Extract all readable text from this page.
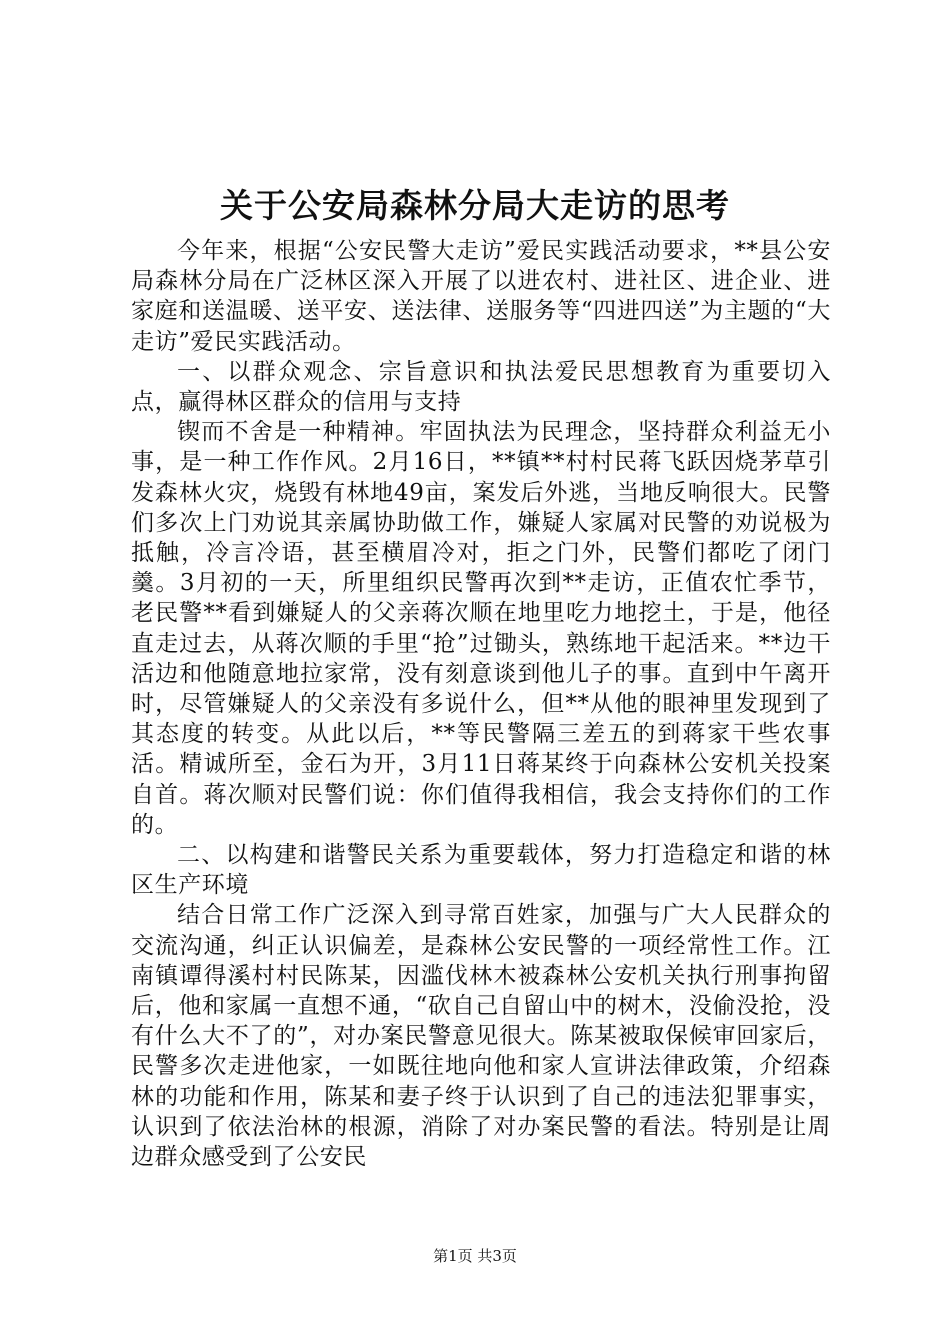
关于公安局森林分局大走访的思考

今年来，根据“公安民警大走访”爱民实践活动要求，**县公安局森林分局在广泛林区深入开展了以进农村、进社区、进企业、进家庭和送温暖、送平安、送法律、送服务等“四进四送”为主题的“大走访”爱民实践活动。

一、以群众观念、宗旨意识和执法爱民思想教育为重要切入点，赢得林区群众的信用与支持

锲而不舍是一种精神。牢固执法为民理念，坚持群众利益无小事，是一种工作作风。2月16日，**镇**村村民蒋飞跃因烧茅草引发森林火灾，烧毁有林地49亩，案发后外逃，当地反响很大。民警们多次上门劝说其亲属协助做工作，嫌疑人家属对民警的劝说极为抵触，冷言冷语，甚至横眉冷对，拒之门外，民警们都吃了闭门羹。3月初的一天，所里组织民警再次到**走访，正值农忙季节，老民警**看到嫌疑人的父亲蒋次顺在地里吃力地挖土，于是，他径直走过去，从蒋次顺的手里“抢”过锄头，熟练地干起活来。**边干活边和他随意地拉家常，没有刻意谈到他儿子的事。直到中午离开时，尽管嫌疑人的父亲没有多说什么，但**从他的眼神里发现到了其态度的转变。从此以后，**等民警隔三差五的到蒋家干些农事活。精诚所至，金石为开，3月11日蒋某终于向森林公安机关投案自首。蒋次顺对民警们说：你们值得我相信，我会支持你们的工作的。

二、以构建和谐警民关系为重要载体，努力打造稳定和谐的林区生产环境

结合日常工作广泛深入到寻常百姓家，加强与广大人民群众的交流沟通，纠正认识偏差，是森林公安民警的一项经常性工作。江南镇谭得溪村村民陈某，因滥伐林木被森林公安机关执行刑事拘留后，他和家属一直想不通，“砍自己自留山中的树木，没偷没抢，没有什么大不了的”，对办案民警意见很大。陈某被取保候审回家后，民警多次走进他家，一如既往地向他和家人宣讲法律政策，介绍森林的功能和作用，陈某和妻子终于认识到了自己的违法犯罪事实，认识到了依法治林的根源，消除了对办案民警的看法。特别是让周边群众感受到了公安民

第1页 共3页
